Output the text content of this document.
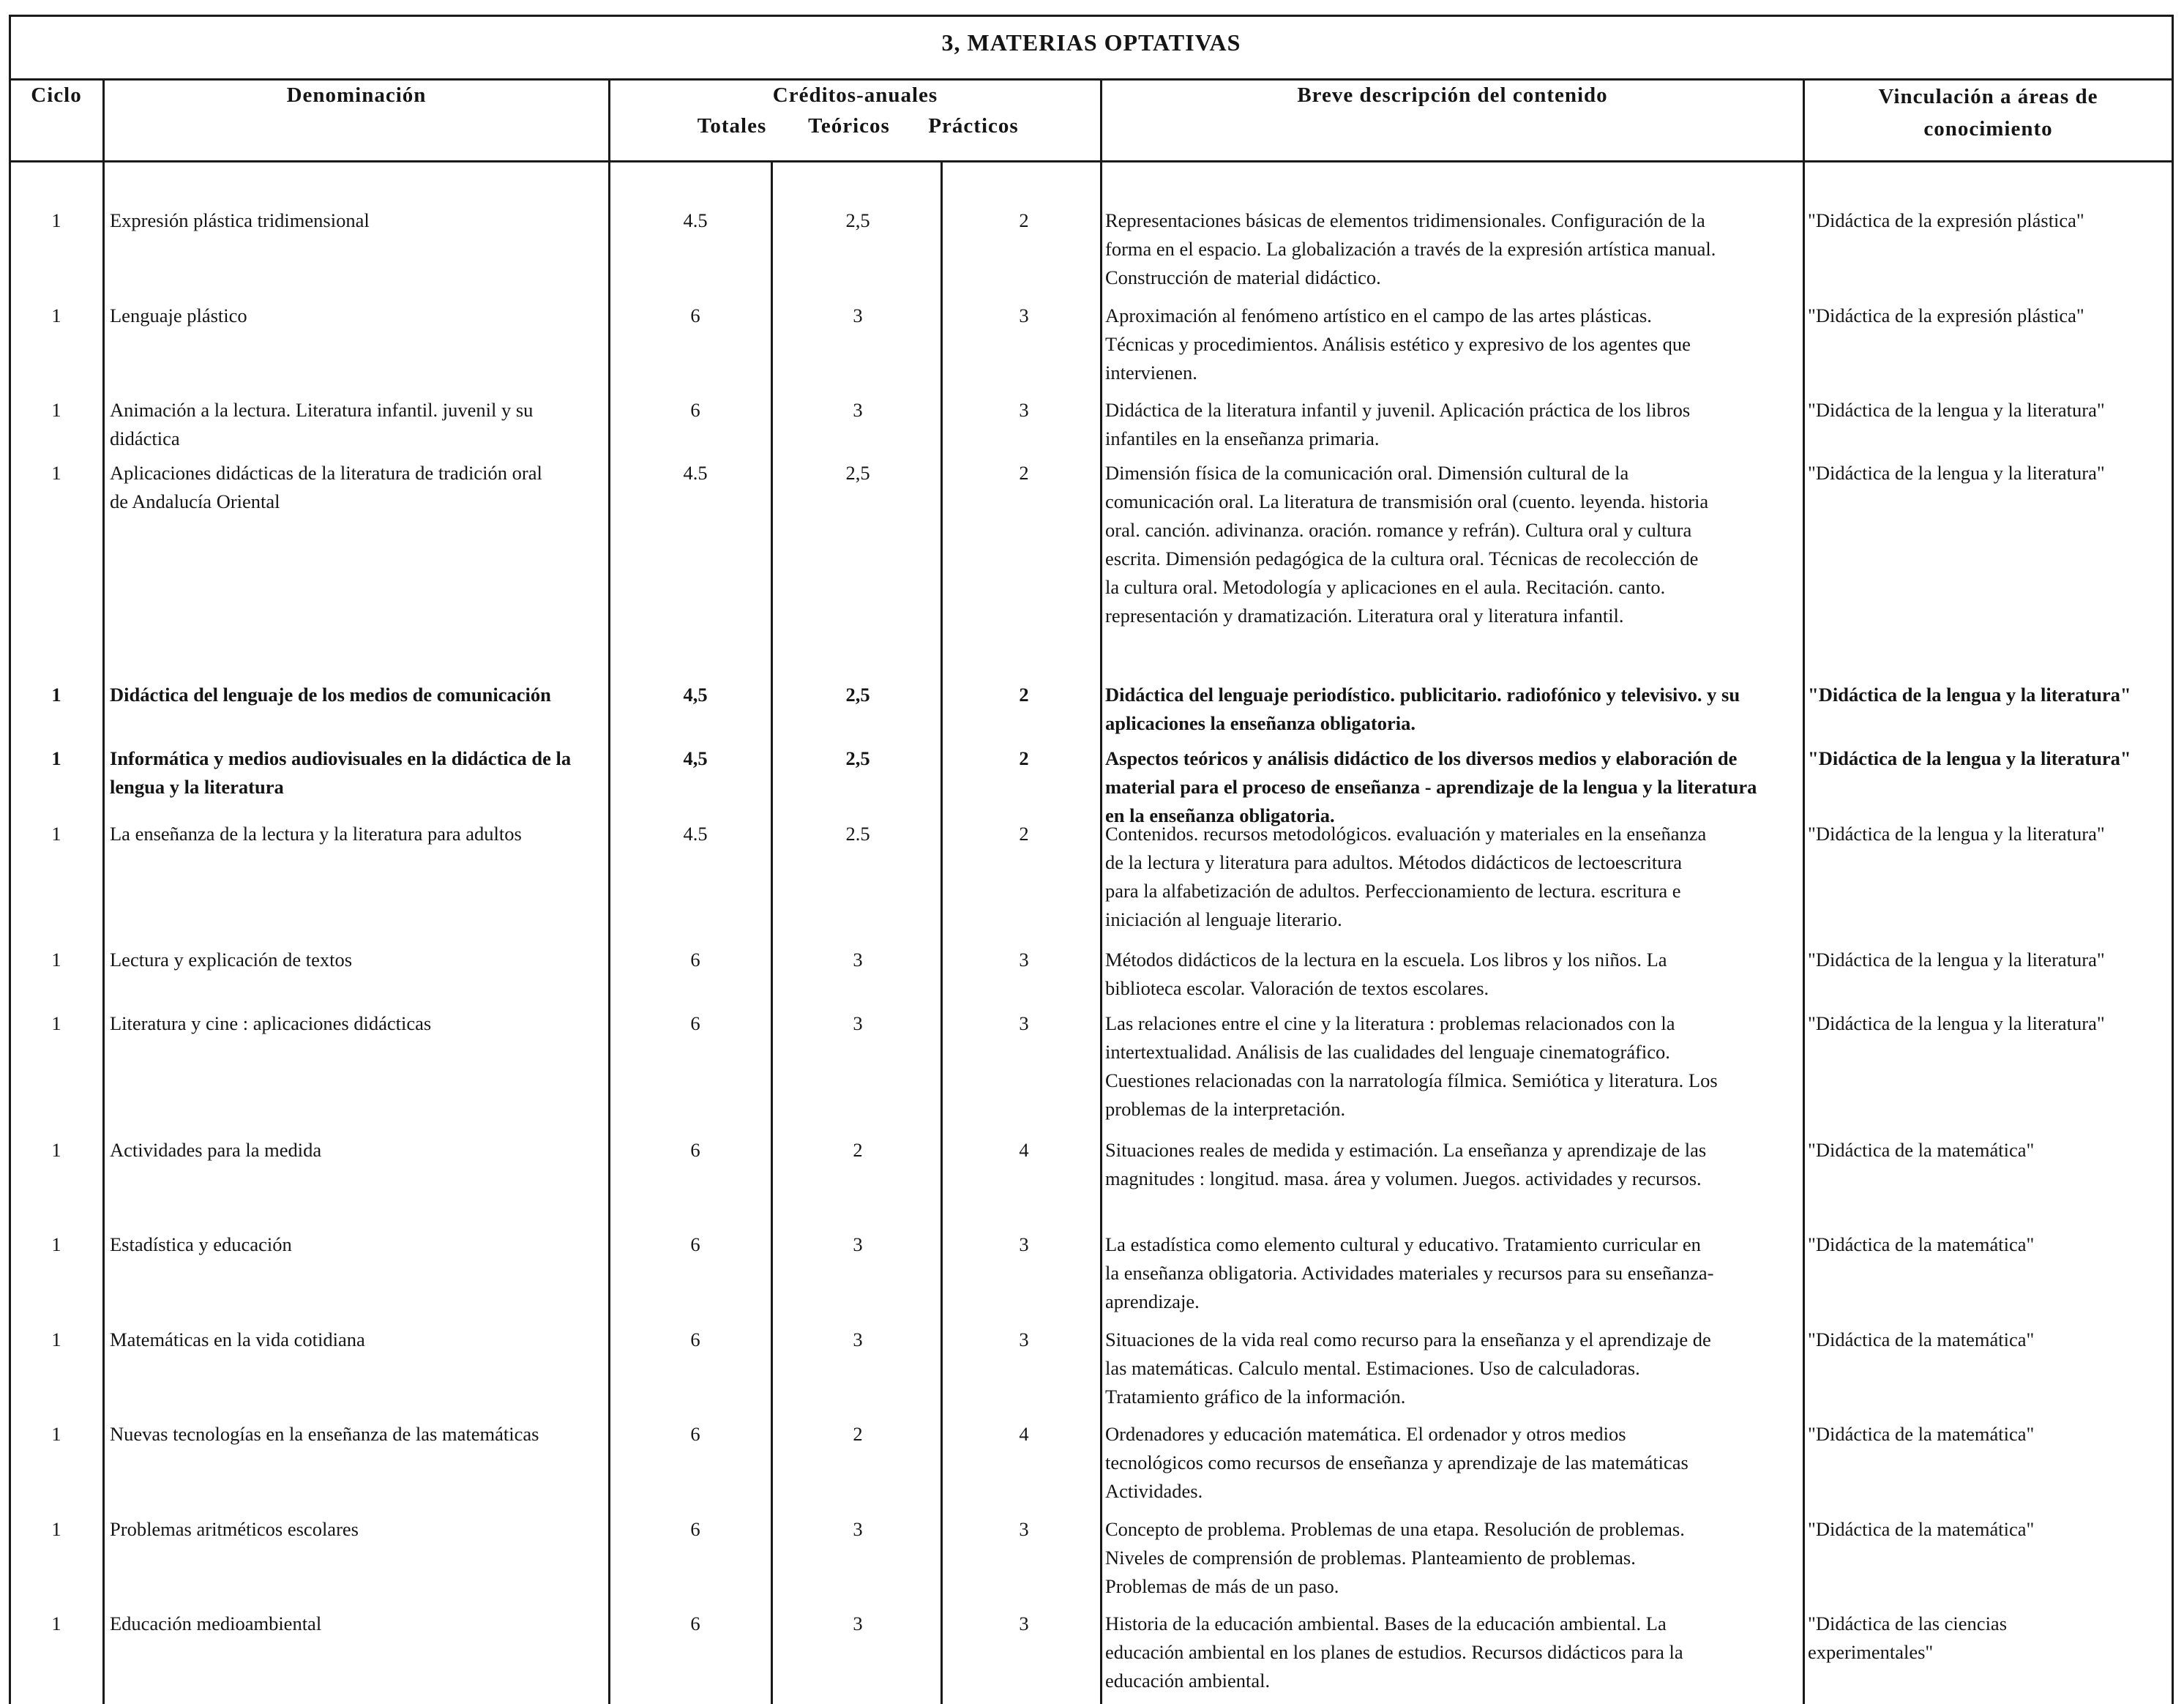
3, MATERIAS OPTATIVAS
Ciclo	Denominación	Créditos-anuales
Totales	Teóricos	Prácticos
Breve descripción del contenido	Vinculación a áreas de
conocimiento
1	Expresión plástica tridimensional	4.5	2,5	2	Representaciones básicas de elementos tridimensionales. Configuración de la
forma en el espacio. La globalización a través de la expresión artística manual.
Construcción de material didáctico.
"Didáctica de la expresión plástica"
1	Lenguaje plástico	6	3	3	Aproximación al fenómeno artístico en el campo de las artes plásticas.
Técnicas y procedimientos. Análisis estético y expresivo de los agentes que
intervienen.
"Didáctica de la expresión plástica"
1	Animación a la lectura. Literatura infantil. juvenil y su
didáctica
6	3	3	Didáctica de la literatura infantil y juvenil. Aplicación práctica de los libros
infantiles en la enseñanza primaria.
"Didáctica de la lengua y la literatura"
1	Aplicaciones didácticas de la literatura de tradición oral
de Andalucía Oriental
4.5	2,5	2	Dimensión física de la comunicación oral. Dimensión cultural de la
comunicación oral. La literatura de transmisión oral (cuento. leyenda. historia
oral. canción. adivinanza. oración. romance y refrán). Cultura oral y cultura
escrita. Dimensión pedagógica de la cultura oral. Técnicas de recolección de
la cultura oral. Metodología y aplicaciones en el aula. Recitación. canto.
representación y dramatización. Literatura oral y literatura infantil.
"Didáctica de la lengua y la literatura"
1	Didáctica del lenguaje de los medios de comunicación	4,5	2,5	2	Didáctica del lenguaje periodístico. publicitario. radiofónico y televisivo. y su
aplicaciones la enseñanza obligatoria.
"Didáctica de la lengua y la literatura"
1	Informática y medios audiovisuales en la didáctica de la
lengua y la literatura
4,5	2,5	2	Aspectos teóricos y análisis didáctico de los diversos medios y elaboración de
material para el proceso de enseñanza - aprendizaje de la lengua y la literatura
en la enseñanza obligatoria.
"Didáctica de la lengua y la literatura"
1	La enseñanza de la lectura y la literatura para adultos	4.5	2.5	2	Contenidos. recursos metodológicos. evaluación y materiales en la enseñanza
de la lectura y literatura para adultos. Métodos didácticos de lectoescritura
para la alfabetización de adultos. Perfeccionamiento de lectura. escritura e
iniciación al lenguaje literario.
"Didáctica de la lengua y la literatura"
1	Lectura y explicación de textos	6	3	3	Métodos didácticos de la lectura en la escuela. Los libros y los niños. La
biblioteca escolar. Valoración de textos escolares.
"Didáctica de la lengua y la literatura"
1	Literatura y cine : aplicaciones didácticas	6	3	3	Las relaciones entre el cine y la literatura : problemas relacionados con la
intertextualidad. Análisis de las cualidades del lenguaje cinematográfico.
Cuestiones relacionadas con la narratología fílmica. Semiótica y literatura. Los
problemas de la interpretación.
"Didáctica de la lengua y la literatura"
1	Actividades para la medida	6	2	4	Situaciones reales de medida y estimación. La enseñanza y aprendizaje de las
magnitudes : longitud. masa. área y volumen. Juegos. actividades y recursos.
"Didáctica de la matemática"
1	Estadística y educación	6	3	3	La estadística como elemento cultural y educativo. Tratamiento curricular en
la enseñanza obligatoria. Actividades materiales y recursos para su enseñanza-
aprendizaje.
"Didáctica de la matemática"
1	Matemáticas en la vida cotidiana	6	3	3	Situaciones de la vida real como recurso para la enseñanza y el aprendizaje de
las matemáticas. Calculo mental. Estimaciones. Uso de calculadoras.
Tratamiento gráfico de la información.
"Didáctica de la matemática"
1	Nuevas tecnologías en la enseñanza de las matemáticas	6	2	4	Ordenadores y educación matemática. El ordenador y otros medios
tecnológicos como recursos de enseñanza y aprendizaje de las matemáticas
Actividades.
"Didáctica de la matemática"
1	Problemas aritméticos escolares	6	3	3	Concepto de problema. Problemas de una etapa. Resolución de problemas.
Niveles de comprensión de problemas. Planteamiento de problemas.
Problemas de más de un paso.
"Didáctica de la matemática"
1	Educación medioambiental	6	3	3	Historia de la educación ambiental. Bases de la educación ambiental. La
educación ambiental en los planes de estudios. Recursos didácticos para la
educación ambiental.
"Didáctica de las ciencias
experimentales"
